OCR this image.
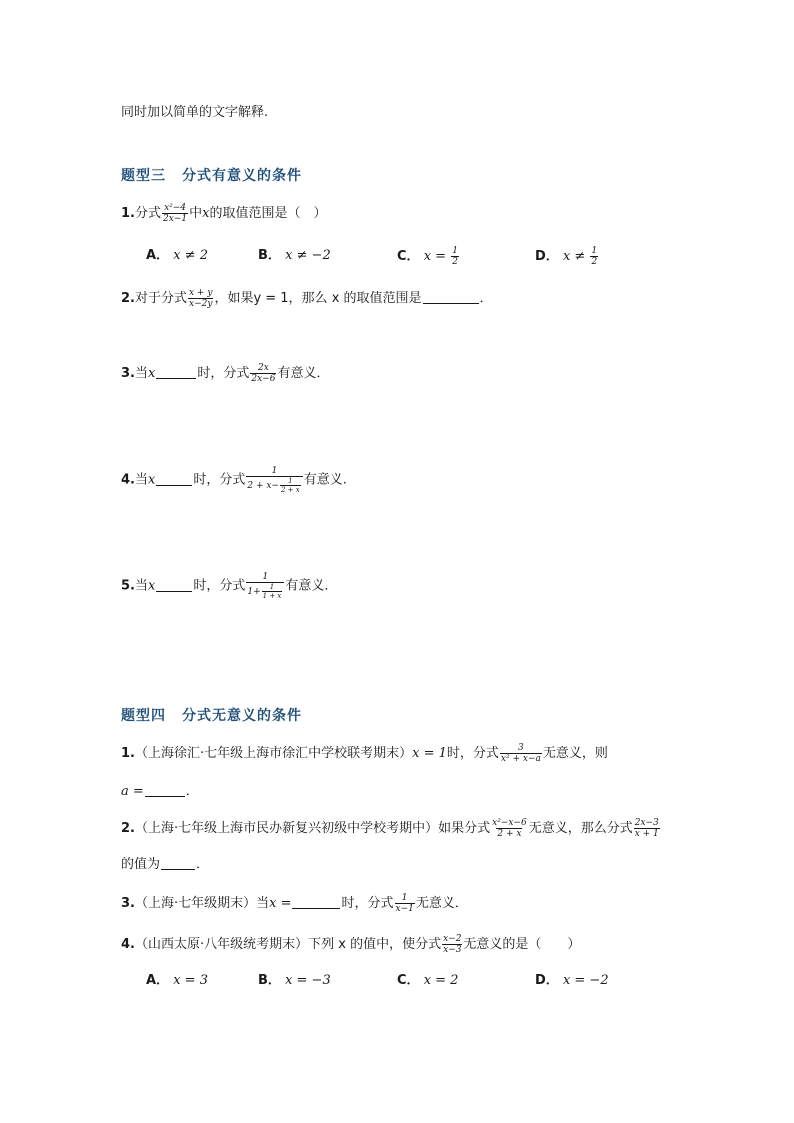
同时加以简单的文字解释.
题型三 分式有意义的条件
1.分式 $\frac{\text{x²−4}}{2x-1}$ 中x的取值范围是（　）
A． x ≠ 2	B． x ≠ −2	C． $x = \frac{1}{2}$	D． $x \ne \frac{1}{2}$
2.对于分式 $\frac{x + y}{x-2y}$ ，如果y = 1，那么 x 的取值范围是	．
3.当x	时，分式 $\frac{2x}{2x-6}$ 有意义．
4.当x	时，分式 $\frac{1}{2 + x- \frac{1}{2 + x}}$ 有意义.
5.当x	时，分式 $\frac{1}{1+ \frac{1}{1 + x}}$ 有意义．
题型四 分式无意义的条件
1.（上海徐汇·七年级上海市徐汇中学校联考期末）x = 1时，分式 $\frac{3}{\text{x² + x−a}}$ 无意义，则
a =	．
2.（上海·七年级上海市民办新复兴初级中学校考期中）如果分式 $\frac{\text{x²−x−6}}{2 + x}$ 无意义，那么分式 $\frac{2x-3}{x + 1}$
的值为	．
3.（上海·七年级期末）当x =	时，分式 $\frac{1}{x-1}$ 无意义．
4.（山西太原·八年级统考期末）下列 x 的值中，使分式 $\frac{x-2}{x-3}$ 无意义的是（　　）
A． x = 3	B． x = −3	C． x = 2	D． x = −2
